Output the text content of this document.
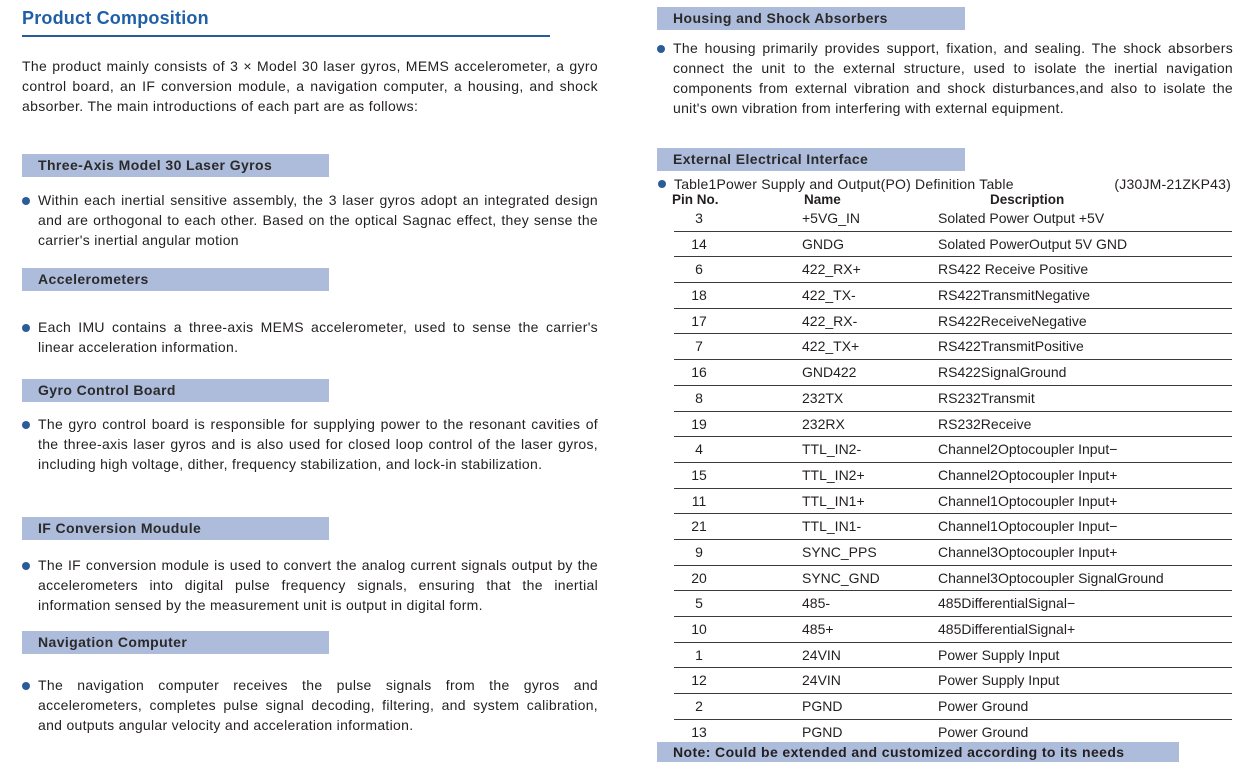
Product Composition

The product mainly consists of 3 × Model 30 laser gyros, MEMS accelerometer, a gyro control board, an IF conversion module, a navigation computer, a housing, and shock absorber. The main introductions of each part are as follows:

Three-Axis Model 30 Laser Gyros
Within each inertial sensitive assembly, the 3 laser gyros adopt an integrated design and are orthogonal to each other. Based on the optical Sagnac effect, they sense the carrier's inertial angular motion
Accelerometers
Each IMU contains a three-axis MEMS accelerometer, used to sense the carrier's linear acceleration information.
Gyro Control Board
The gyro control board is responsible for supplying power to the resonant cavities of the three-axis laser gyros and is also used for closed loop control of the laser gyros, including high voltage, dither, frequency stabilization, and lock-in stabilization.
IF Conversion Moudule
The IF conversion module is used to convert the analog current signals output by the accelerometers into digital pulse frequency signals, ensuring that the inertial information sensed by the measurement unit is output in digital form.
Navigation Computer
The navigation computer receives the pulse signals from the gyros and accelerometers, completes pulse signal decoding, filtering, and system calibration, and outputs angular velocity and acceleration information.
Housing and Shock Absorbers
The housing primarily provides support, fixation, and sealing. The shock absorbers connect the unit to the external structure, used to isolate the inertial navigation components from external vibration and shock disturbances,and also to isolate the unit's own vibration from interfering with external equipment.
External Electrical Interface
Table1Power Supply and Output(PO) Definition Table	(J30JM-21ZKP43)
Pin No.	Name	Description
3	+5VG_IN	Solated Power Output +5V
14	GNDG	Solated PowerOutput 5V GND
6	422_RX+	RS422 Receive Positive
18	422_TX-	RS422TransmitNegative
17	422_RX-	RS422ReceiveNegative
7	422_TX+	RS422TransmitPositive
16	GND422	RS422SignalGround
8	232TX	RS232Transmit
19	232RX	RS232Receive
4	TTL_IN2-	Channel2Optocoupler Input−
15	TTL_IN2+	Channel2Optocoupler Input+
11	TTL_IN1+	Channel1Optocoupler Input+
21	TTL_IN1-	Channel1Optocoupler Input−
9	SYNC_PPS	Channel3Optocoupler Input+
20	SYNC_GND	Channel3Optocoupler SignalGround
5	485-	485DifferentialSignal−
10	485+	485DifferentialSignal+
1	24VIN	Power Supply Input
12	24VIN	Power Supply Input
2	PGND	Power Ground
13	PGND	Power Ground
Note: Could be extended and customized according to its needs
